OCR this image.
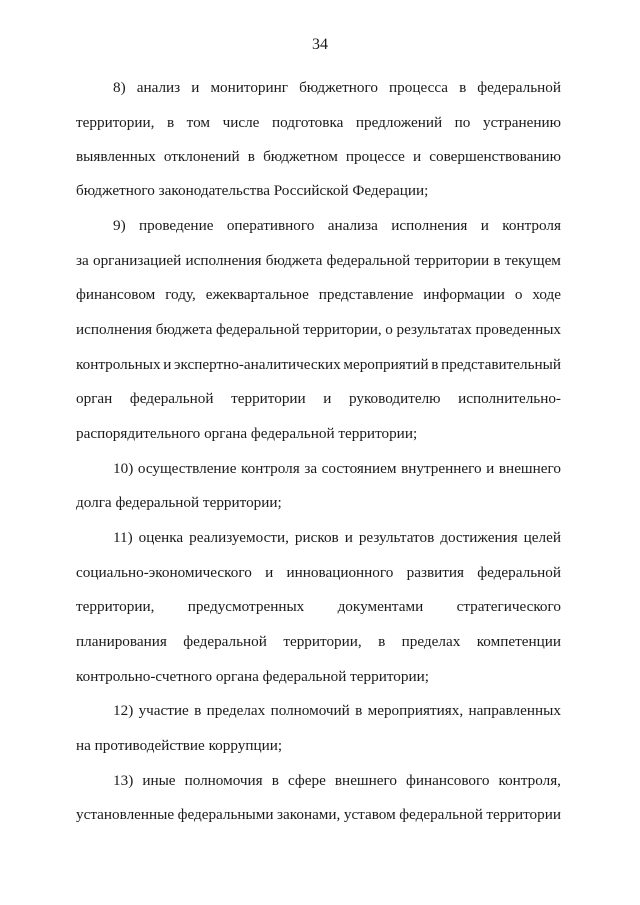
34
8) анализ и мониторинг бюджетного процесса в федеральной
территории, в том числе подготовка предложений по устранению
выявленных отклонений в бюджетном процессе и совершенствованию
бюджетного законодательства Российской Федерации;
9) проведение оперативного анализа исполнения и контроля
за организацией исполнения бюджета федеральной территории в текущем
финансовом году, ежеквартальное представление информации о ходе
исполнения бюджета федеральной территории, о результатах проведенных
контрольных и экспертно-аналитических мероприятий в представительный
орган федеральной территории и руководителю исполнительно-
распорядительного органа федеральной территории;
10) осуществление контроля за состоянием внутреннего и внешнего
долга федеральной территории;
11) оценка реализуемости, рисков и результатов достижения целей
социально-экономического и инновационного развития федеральной
территории, предусмотренных документами стратегического
планирования федеральной территории, в пределах компетенции
контрольно-счетного органа федеральной территории;
12) участие в пределах полномочий в мероприятиях, направленных
на противодействие коррупции;
13) иные полномочия в сфере внешнего финансового контроля,
установленные федеральными законами, уставом федеральной территории
